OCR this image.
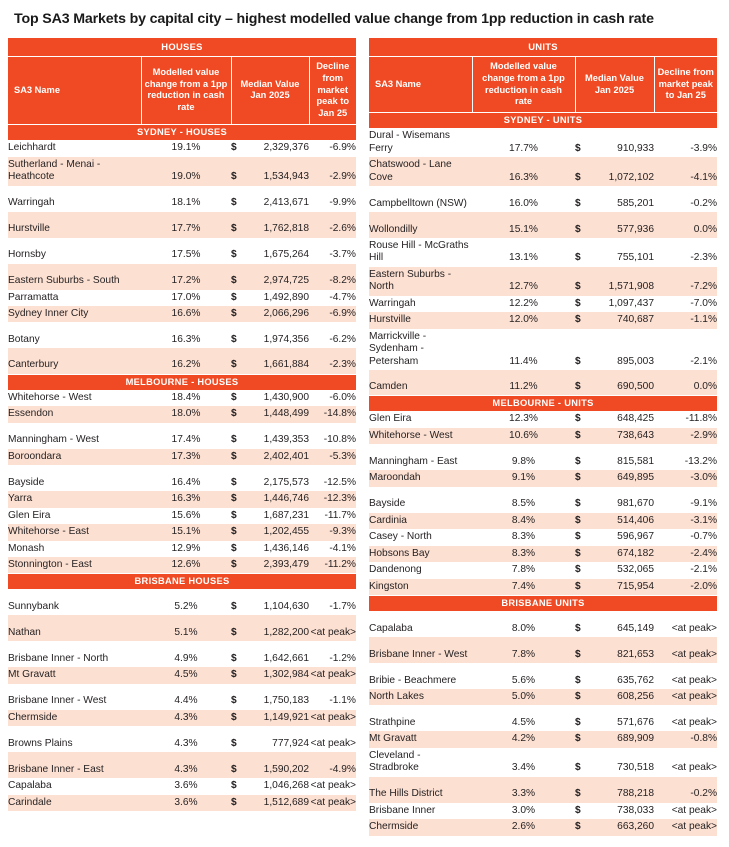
Top SA3 Markets by capital city – highest modelled value change from 1pp reduction in cash rate
HOUSES				
SA3 Name	Modelled value change from a 1pp reduction in cash rate	Median Value Jan 2025		Decline from market peak to Jan 25
SYDNEY - HOUSES				
Leichhardt	19.1%	$	2,329,376	-6.9%
Sutherland - Menai - Heathcote	19.0%	$	1,534,943	-2.9%
Warringah	18.1%	$	2,413,671	-9.9%
Hurstville	17.7%	$	1,762,818	-2.6%
Hornsby	17.5%	$	1,675,264	-3.7%
Eastern Suburbs - South	17.2%	$	2,974,725	-8.2%
Parramatta	17.0%	$	1,492,890	-4.7%
Sydney Inner City	16.6%	$	2,066,296	-6.9%
Botany	16.3%	$	1,974,356	-6.2%
Canterbury	16.2%	$	1,661,884	-2.3%
MELBOURNE - HOUSES				
Whitehorse - West	18.4%	$	1,430,900	-6.0%
Essendon	18.0%	$	1,448,499	-14.8%
Manningham - West	17.4%	$	1,439,353	-10.8%
Boroondara	17.3%	$	2,402,401	-5.3%
Bayside	16.4%	$	2,175,573	-12.5%
Yarra	16.3%	$	1,446,746	-12.3%
Glen Eira	15.6%	$	1,687,231	-11.7%
Whitehorse - East	15.1%	$	1,202,455	-9.3%
Monash	12.9%	$	1,436,146	-4.1%
Stonnington - East	12.6%	$	2,393,479	-11.2%
BRISBANE HOUSES				
Sunnybank	5.2%	$	1,104,630	-1.7%
Nathan	5.1%	$	1,282,200	<at peak>
Brisbane Inner - North	4.9%	$	1,642,661	-1.2%
Mt Gravatt	4.5%	$	1,302,984	<at peak>
Brisbane Inner - West	4.4%	$	1,750,183	-1.1%
Chermside	4.3%	$	1,149,921	<at peak>
Browns Plains	4.3%	$	777,924	<at peak>
Brisbane Inner - East	4.3%	$	1,590,202	-4.9%
Capalaba	3.6%	$	1,046,268	<at peak>
Carindale	3.6%	$	1,512,689	<at peak>
UNITS				
SA3 Name	Modelled value change from a 1pp reduction in cash rate	Median Value Jan 2025		Decline from market peak to Jan 25
SYDNEY - UNITS				
Dural - Wisemans Ferry	17.7%	$	910,933	-3.9%
Chatswood - Lane Cove	16.3%	$	1,072,102	-4.1%
Campbelltown (NSW)	16.0%	$	585,201	-0.2%
Wollondilly	15.1%	$	577,936	0.0%
Rouse Hill - McGraths Hill	13.1%	$	755,101	-2.3%
Eastern Suburbs - North	12.7%	$	1,571,908	-7.2%
Warringah	12.2%	$	1,097,437	-7.0%
Hurstville	12.0%	$	740,687	-1.1%
Marrickville - Sydenham - Petersham	11.4%	$	895,003	-2.1%
Camden	11.2%	$	690,500	0.0%
MELBOURNE - UNITS				
Glen Eira	12.3%	$	648,425	-11.8%
Whitehorse - West	10.6%	$	738,643	-2.9%
Manningham - East	9.8%	$	815,581	-13.2%
Maroondah	9.1%	$	649,895	-3.0%
Bayside	8.5%	$	981,670	-9.1%
Cardinia	8.4%	$	514,406	-3.1%
Casey - North	8.3%	$	596,967	-0.7%
Hobsons Bay	8.3%	$	674,182	-2.4%
Dandenong	7.8%	$	532,065	-2.1%
Kingston	7.4%	$	715,954	-2.0%
BRISBANE UNITS				
Capalaba	8.0%	$	645,149	<at peak>
Brisbane Inner - West	7.8%	$	821,653	<at peak>
Bribie - Beachmere	5.6%	$	635,762	<at peak>
North Lakes	5.0%	$	608,256	<at peak>
Strathpine	4.5%	$	571,676	<at peak>
Mt Gravatt	4.2%	$	689,909	-0.8%
Cleveland - Stradbroke	3.4%	$	730,518	<at peak>
The Hills District	3.3%	$	788,218	-0.2%
Brisbane Inner	3.0%	$	738,033	<at peak>
Chermside	2.6%	$	663,260	<at peak>
